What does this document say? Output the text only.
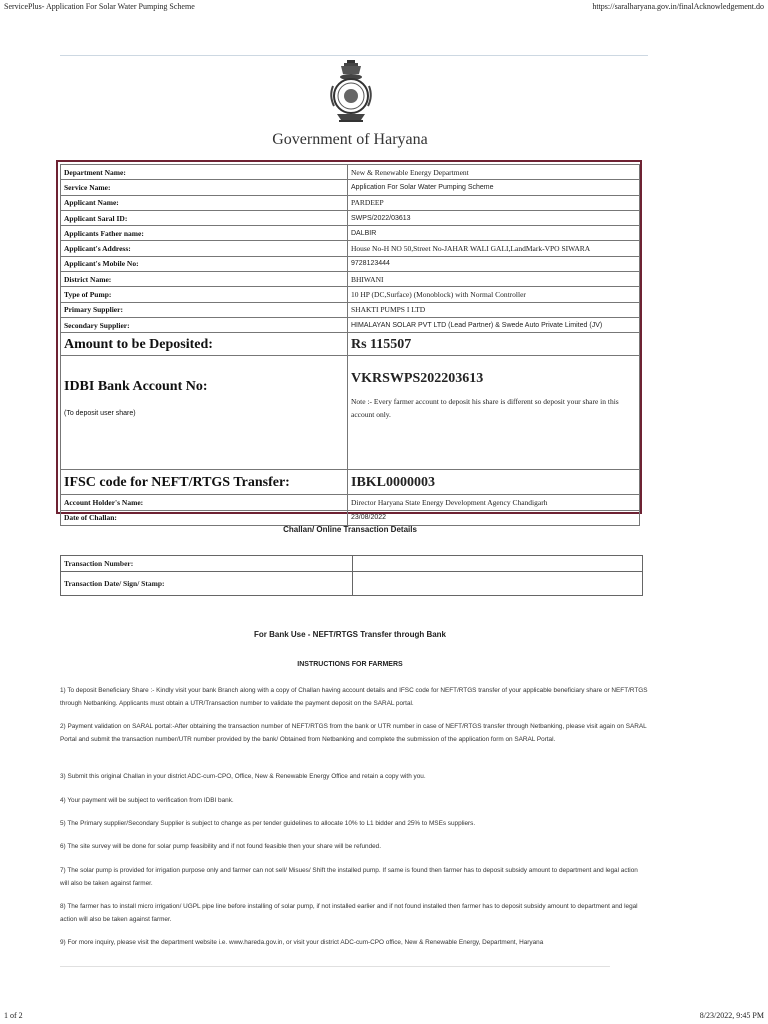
ServicePlus- Application For Solar Water Pumping Scheme	https://saralharyana.gov.in/finalAcknowledgement.do
Government of Haryana
Department Name:	New & Renewable Energy Department
Service Name:	Application For Solar Water Pumping Scheme
Applicant Name:	PARDEEP
Applicant Saral ID:	SWPS/2022/03613
Applicants Father name:	DALBIR
Applicant's Address:	House No-H NO 50,Street No-JAHAR WALI GALI,LandMark-VPO SIWARA
Applicant's Mobile No:	9728123444
District Name:	BHIWANI
Type of Pump:	10 HP (DC,Surface) (Monoblock) with Normal Controller
Primary Supplier:	SHAKTI PUMPS I LTD
Secondary Supplier:	HIMALAYAN SOLAR PVT LTD (Lead Partner) & Swede Auto Private Limited (JV)
Amount to be Deposited:	Rs 115507

IDBI Bank Account No:
(To deposit user share)	VKRSWPS202203613
Note :- Every farmer account to deposit his share is different so deposit your share in this account only.

IFSC code for NEFT/RTGS Transfer:	IBKL0000003
Account Holder's Name:	Director Haryana State Energy Development Agency Chandigarh
Date of Challan:	23/08/2022
Challan/ Online Transaction Details
Transaction Number:	
Transaction Date/ Sign/ Stamp:	
For Bank Use - NEFT/RTGS Transfer through Bank
INSTRUCTIONS FOR FARMERS
1) To deposit Beneficiary Share :- Kindly visit your bank Branch along with a copy of Challan having account details and IFSC code for NEFT/RTGS transfer of your applicable beneficiary share or NEFT/RTGS through Netbanking. Applicants must obtain a UTR/Transaction number to validate the payment deposit on the SARAL portal.
2) Payment validation on SARAL portal:-After obtaining the transaction number of NEFT/RTGS from the bank or UTR number in case of NEFT/RTGS transfer through Netbanking, please visit again on SARAL Portal and submit the transaction number/UTR number provided by the bank/ Obtained from Netbanking and complete the submission of the application form on SARAL Portal.
3) Submit this original Challan in your district ADC-cum-CPO, Office, New & Renewable Energy Office and retain a copy with you.
4) Your payment will be subject to verification from IDBI bank.
5) The Primary supplier/Secondary Supplier is subject to change as per tender guidelines to allocate 10% to L1 bidder and 25% to MSEs suppliers.
6) The site survey will be done for solar pump feasibility and if not found feasible then your share will be refunded.
7) The solar pump is provided for irrigation purpose only and farmer can not sell/ Misues/ Shift the installed pump. If same is found then farmer has to deposit subsidy amount to department and legal action will also be taken against farmer.
8) The farmer has to install micro irrigation/ UGPL pipe line before installing of solar pump, if not installed earlier and if not found installed then farmer has to deposit subsidy amount to department and legal action will also be taken against farmer.
9) For more inquiry, please visit the department website i.e. www.hareda.gov.in, or visit your district ADC-cum-CPO office, New & Renewable Energy, Department, Haryana
1 of 2	8/23/2022, 9:45 PM
